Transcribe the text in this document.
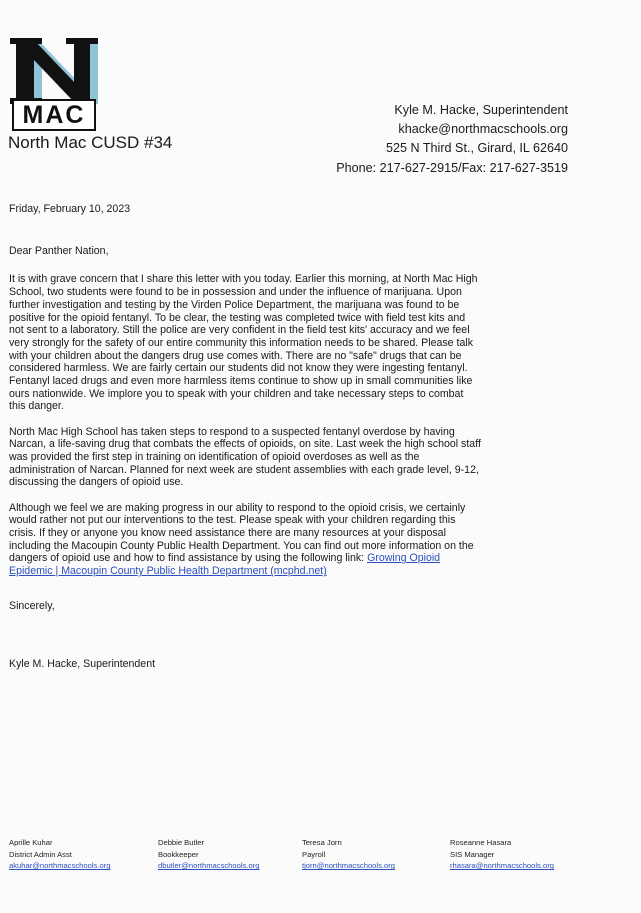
MAC
North Mac CUSD #34
Kyle M. Hacke, Superintendent
khacke@northmacschools.org
525 N Third St., Girard, IL 62640
Phone: 217-627-2915/Fax: 217-627-3519
Friday, February 10, 2023
Dear Panther Nation,
It is with grave concern that I share this letter with you today. Earlier this morning, at North Mac High
School, two students were found to be in possession and under the influence of marijuana. Upon
further investigation and testing by the Virden Police Department, the marijuana was found to be
positive for the opioid fentanyl. To be clear, the testing was completed twice with field test kits and
not sent to a laboratory. Still the police are very confident in the field test kits' accuracy and we feel
very strongly for the safety of our entire community this information needs to be shared. Please talk
with your children about the dangers drug use comes with. There are no "safe" drugs that can be
considered harmless. We are fairly certain our students did not know they were ingesting fentanyl.
Fentanyl laced drugs and even more harmless items continue to show up in small communities like
ours nationwide. We implore you to speak with your children and take necessary steps to combat
this danger.
North Mac High School has taken steps to respond to a suspected fentanyl overdose by having
Narcan, a life-saving drug that combats the effects of opioids, on site. Last week the high school staff
was provided the first step in training on identification of opioid overdoses as well as the
administration of Narcan. Planned for next week are student assemblies with each grade level, 9-12,
discussing the dangers of opioid use.
Although we feel we are making progress in our ability to respond to the opioid crisis, we certainly
would rather not put our interventions to the test. Please speak with your children regarding this
crisis. If they or anyone you know need assistance there are many resources at your disposal
including the Macoupin County Public Health Department. You can find out more information on the
dangers of opioid use and how to find assistance by using the following link: Growing Opioid
Epidemic | Macoupin County Public Health Department (mcphd.net)
Sincerely,
Kyle M. Hacke, Superintendent
Aprille Kuhar
District Admin Asst
akuhar@northmacschools.org
Debbie Butler
Bookkeeper
dbutler@northmacschools.org
Teresa Jorn
Payroll
tjorn@northmacschools.org
Roseanne Hasara
SIS Manager
rhasara@northmacschools.org
